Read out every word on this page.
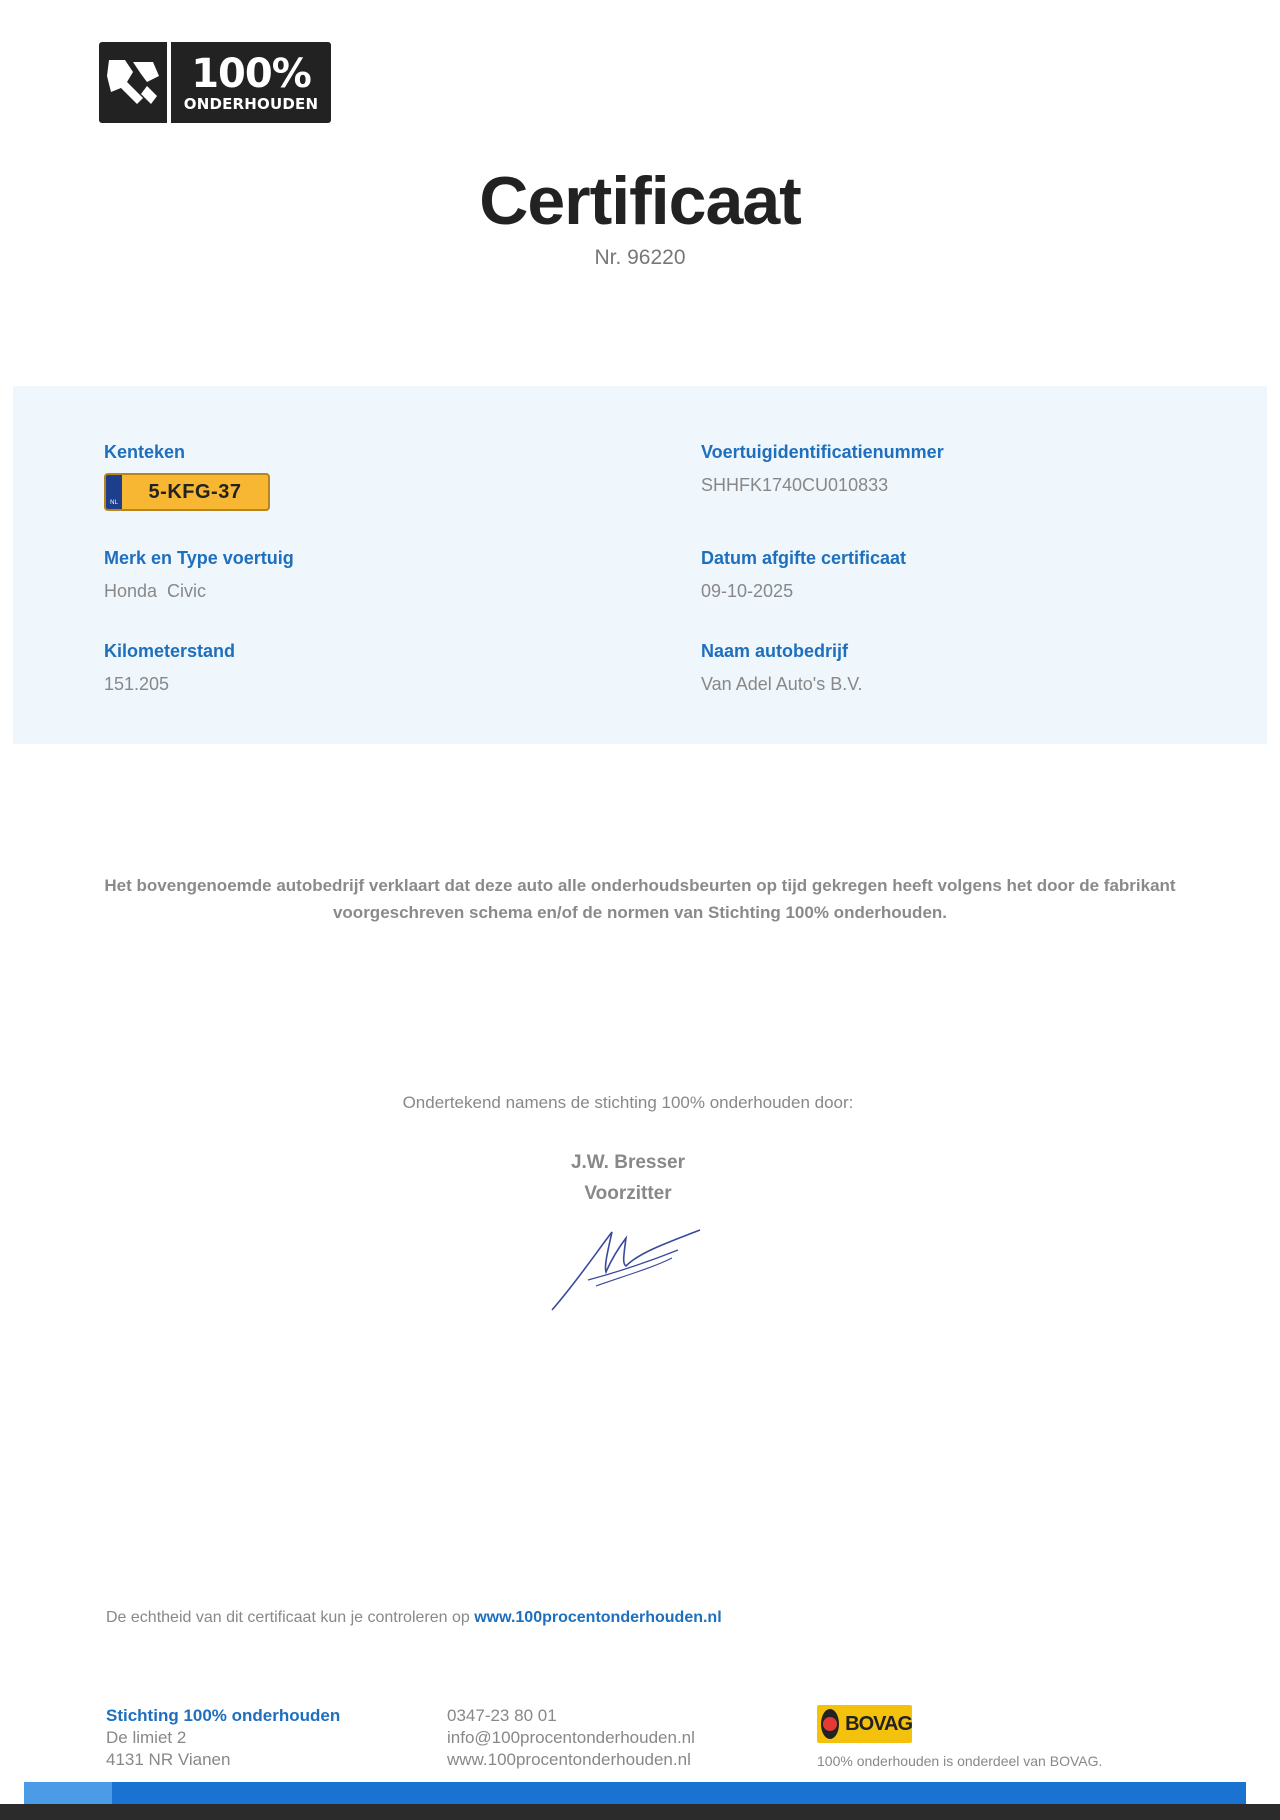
100%
ONDERHOUDEN
Certificaat
Nr. 96220
Kenteken
NL
5-KFG-37
Voertuigidentificatienummer
SHHFK1740CU010833
Merk en Type voertuig
Honda  Civic
Datum afgifte certificaat
09-10-2025
Kilometerstand
151.205
Naam autobedrijf
Van Adel Auto's B.V.
Het bovengenoemde autobedrijf verklaart dat deze auto alle onderhoudsbeurten op tijd gekregen heeft volgens het door de fabrikant
voorgeschreven schema en/of de normen van Stichting 100% onderhouden.
Ondertekend namens de stichting 100% onderhouden door:
J.W. Bresser
Voorzitter
De echtheid van dit certificaat kun je controleren op www.100procentonderhouden.nl
Stichting 100% onderhouden
De limiet 2
4131 NR Vianen
0347-23 80 01
info@100procentonderhouden.nl
www.100procentonderhouden.nl
BOVAG
100% onderhouden is onderdeel van BOVAG.
